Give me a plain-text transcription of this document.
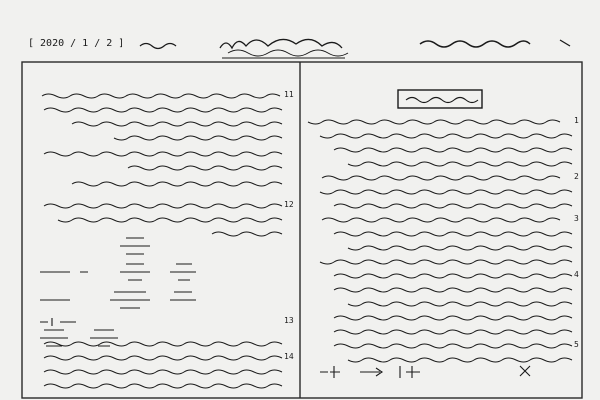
[ 2020 / 1 / 2 ]
11
12
13
14
1
2
3
4
5
